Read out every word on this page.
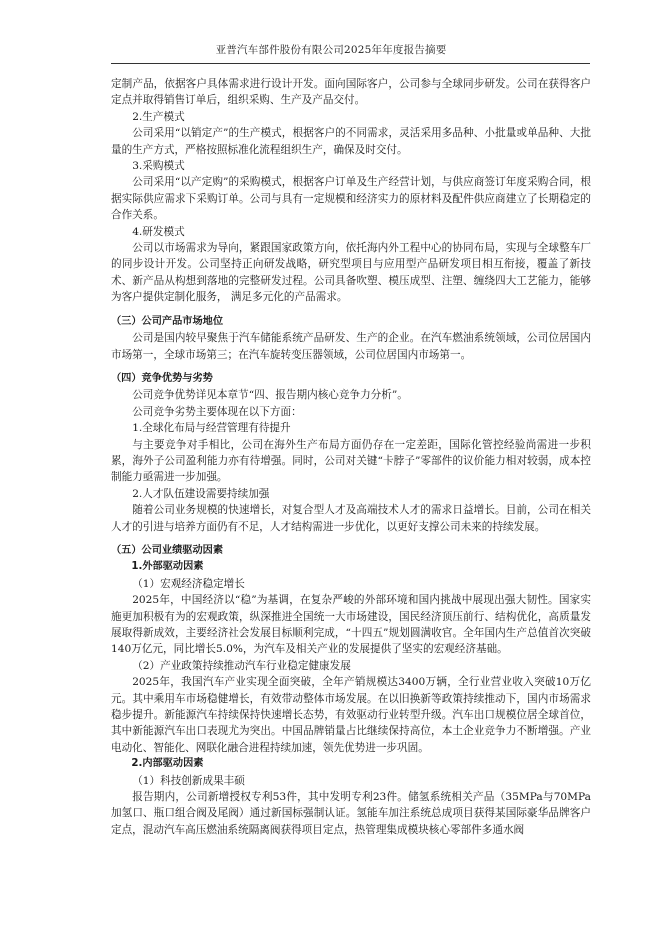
亚普汽车部件股份有限公司2025年年度报告摘要

定制产品，依据客户具体需求进行设计开发。面向国际客户，公司参与全球同步研发。公司在获得客户定点并取得销售订单后，组织采购、生产及产品交付。

2.生产模式

公司采用“以销定产”的生产模式，根据客户的不同需求，灵活采用多品种、小批量或单品种、大批量的生产方式，严格按照标准化流程组织生产，确保及时交付。

3.采购模式

公司采用“以产定购”的采购模式，根据客户订单及生产经营计划，与供应商签订年度采购合同，根据实际供应需求下采购订单。公司与具有一定规模和经济实力的原材料及配件供应商建立了长期稳定的合作关系。

4.研发模式

公司以市场需求为导向，紧跟国家政策方向，依托海内外工程中心的协同布局，实现与全球整车厂的同步设计开发。公司坚持正向研发战略，研究型项目与应用型产品研发项目相互衔接，覆盖了新技术、新产品从构想到落地的完整研发过程。公司具备吹塑、模压成型、注塑、缠绕四大工艺能力，能够为客户提供定制化服务， 满足多元化的产品需求。

（三）公司产品市场地位

公司是国内较早聚焦于汽车储能系统产品研发、生产的企业。在汽车燃油系统领域，公司位居国内市场第一，全球市场第三；在汽车旋转变压器领域，公司位居国内市场第一。

（四）竞争优势与劣势

公司竞争优势详见本章节“四、报告期内核心竞争力分析”。

公司竞争劣势主要体现在以下方面：

1.全球化布局与经营管理有待提升

与主要竞争对手相比，公司在海外生产布局方面仍存在一定差距，国际化管控经验尚需进一步积累，海外子公司盈利能力亦有待增强。同时，公司对关键“卡脖子”零部件的议价能力相对较弱，成本控制能力亟需进一步加强。

2.人才队伍建设需要持续加强

随着公司业务规模的快速增长，对复合型人才及高端技术人才的需求日益增长。目前，公司在相关人才的引进与培养方面仍有不足，人才结构需进一步优化，以更好支撑公司未来的持续发展。

（五）公司业绩驱动因素

1.外部驱动因素

（1）宏观经济稳定增长

2025年，中国经济以“稳”为基调，在复杂严峻的外部环境和国内挑战中展现出强大韧性。国家实施更加积极有为的宏观政策，纵深推进全国统一大市场建设，国民经济顶压前行、结构优化，高质量发展取得新成效，主要经济社会发展目标顺利完成，“十四五”规划圆满收官。全年国内生产总值首次突破140万亿元，同比增长5.0%，为汽车及相关产业的发展提供了坚实的宏观经济基础。

（2）产业政策持续推动汽车行业稳定健康发展

2025年，我国汽车产业实现全面突破，全年产销规模达3400万辆，全行业营业收入突破10万亿元。其中乘用车市场稳健增长，有效带动整体市场发展。在以旧换新等政策持续推动下，国内市场需求稳步提升。新能源汽车持续保持快速增长态势，有效驱动行业转型升级。汽车出口规模位居全球首位，其中新能源汽车出口表现尤为突出。中国品牌销量占比继续保持高位，本土企业竞争力不断增强。产业电动化、智能化、网联化融合进程持续加速，领先优势进一步巩固。

2.内部驱动因素

（1）科技创新成果丰硕

报告期内，公司新增授权专利53件，其中发明专利23件。储氢系统相关产品（35MPa与70MPa加氢口、瓶口组合阀及尾阀）通过新国标强制认证。氢能车加注系统总成项目获得某国际豪华品牌客户定点，混动汽车高压燃油系统隔离阀获得项目定点，热管理集成模块核心零部件多通水阀
